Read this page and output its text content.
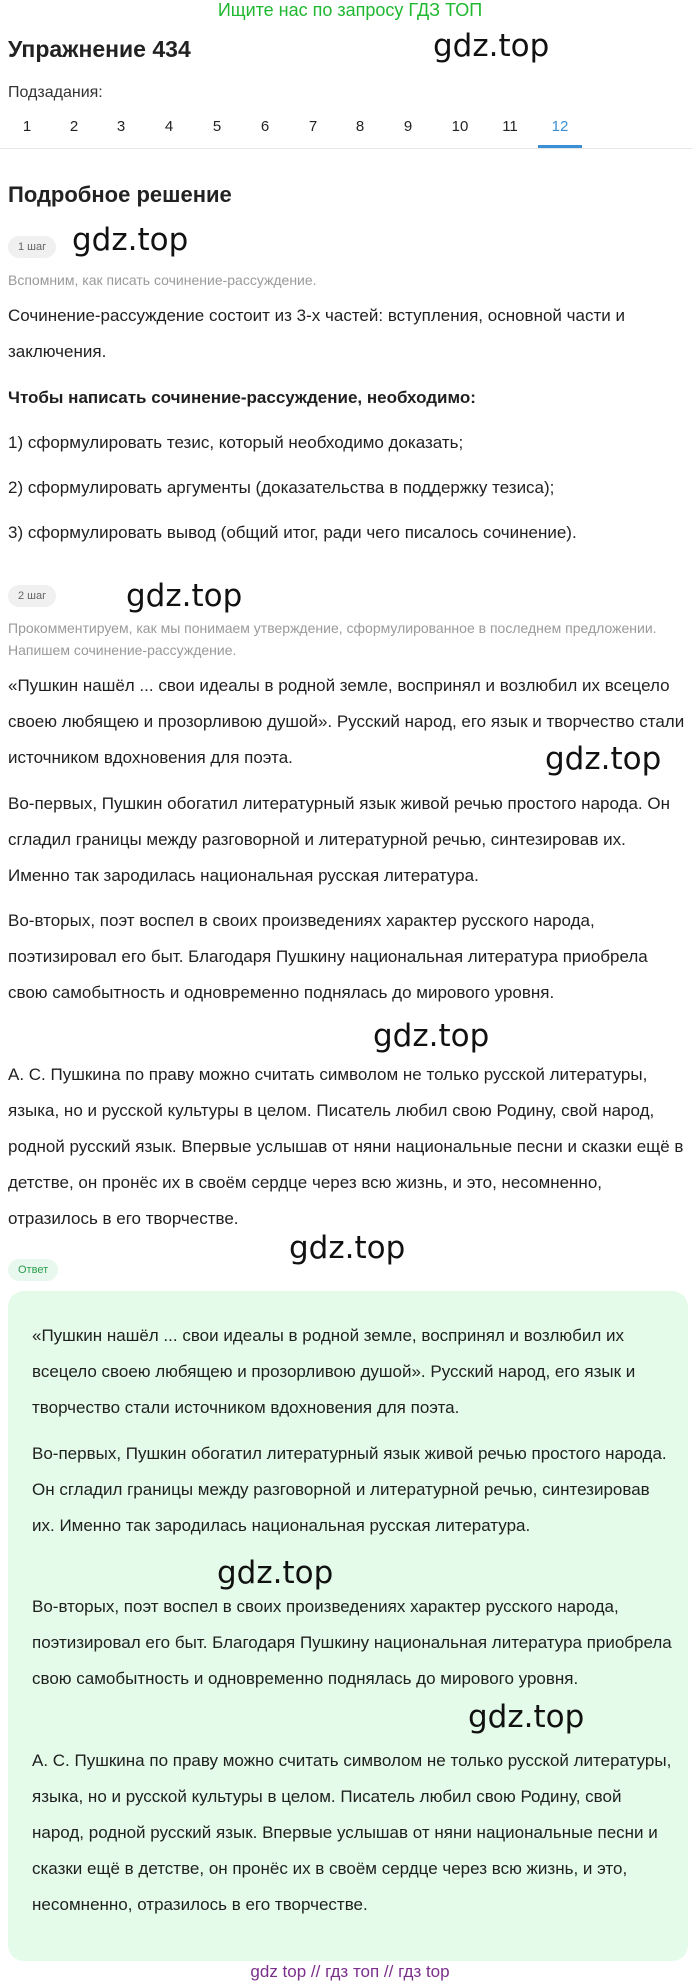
Ищите нас по запросу ГДЗ ТОП
Упражнение 434	gdz.top
Подзадания:
1	2	3	4	5	6	7	8	9	10	11	12
Подробное решение
1 шаг gdz.top
Вспомним, как писать сочинение-рассуждение.
Сочинение-рассуждение состоит из 3-х частей: вступления, основной части и заключения.
Чтобы написать сочинение-рассуждение, необходимо:
1) сформулировать тезис, который необходимо доказать;
2) сформулировать аргументы (доказательства в поддержку тезиса);
3) сформулировать вывод (общий итог, ради чего писалось сочинение).
2 шаг	gdz.top
Прокомментируем, как мы понимаем утверждение, сформулированное в последнем предложении. Напишем сочинение-рассуждение.
«Пушкин нашёл ... свои идеалы в родной земле, воспринял и возлюбил их всецело своею любящею и прозорливою душой». Русский народ, его язык и творчество стали источником вдохновения для поэта.	gdz.top
Во-первых, Пушкин обогатил литературный язык живой речью простого народа. Он сгладил границы между разговорной и литературной речью, синтезировав их. Именно так зародилась национальная русская литература.
Во-вторых, поэт воспел в своих произведениях характер русского народа, поэтизировал его быт. Благодаря Пушкину национальная литература приобрела свою самобытность и одновременно поднялась до мирового уровня.
gdz.top
А. С. Пушкина по праву можно считать символом не только русской литературы, языка, но и русской культуры в целом. Писатель любил свою Родину, свой народ, родной русский язык. Впервые услышав от няни национальные песни и сказки ещё в детстве, он пронёс их в своём сердце через всю жизнь, и это, несомненно, отразилось в его творчестве.
gdz.top
Ответ
«Пушкин нашёл ... свои идеалы в родной земле, воспринял и возлюбил их всецело своею любящею и прозорливою душой». Русский народ, его язык и творчество стали источником вдохновения для поэта.
Во-первых, Пушкин обогатил литературный язык живой речью простого народа. Он сгладил границы между разговорной и литературной речью, синтезировав их. Именно так зародилась национальная русская литература.
gdz.top
Во-вторых, поэт воспел в своих произведениях характер русского народа, поэтизировал его быт. Благодаря Пушкину национальная литература приобрела свою самобытность и одновременно поднялась до мирового уровня.
gdz.top
А. С. Пушкина по праву можно считать символом не только русской литературы, языка, но и русской культуры в целом. Писатель любил свою Родину, свой народ, родной русский язык. Впервые услышав от няни национальные песни и сказки ещё в детстве, он пронёс их в своём сердце через всю жизнь, и это, несомненно, отразилось в его творчестве.
gdz top // гдз топ // гдз top
